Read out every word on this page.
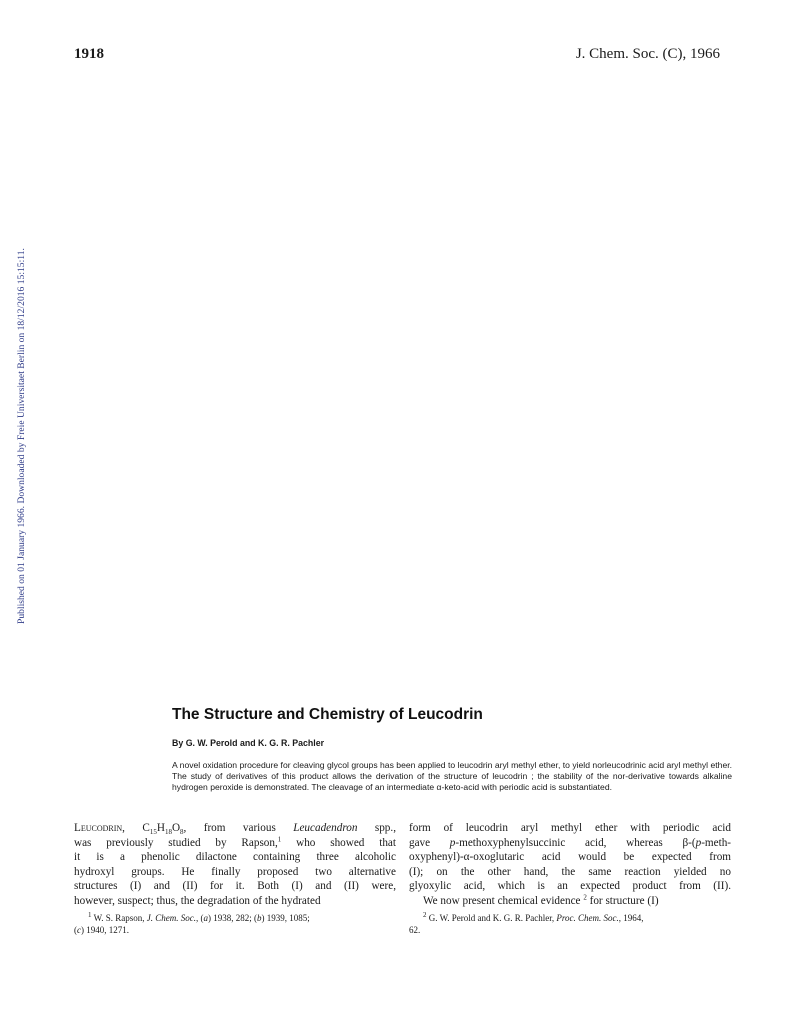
1918	J. Chem. Soc. (C), 1966
Published on 01 January 1966. Downloaded by Freie Universitaet Berlin on 18/12/2016 15:15:11.
The Structure and Chemistry of Leucodrin
By G. W. Perold and K. G. R. Pachler
A novel oxidation procedure for cleaving glycol groups has been applied to leucodrin aryl methyl ether, to yield norleucodrinic acid aryl methyl ether. The study of derivatives of this product allows the derivation of the structure of leucodrin ; the stability of the nor-derivative towards alkaline hydrogen peroxide is demonstrated. The cleavage of an intermediate α-keto-acid with periodic acid is substantiated.
Leucodrin, $C_{15}H_{18}O_8$, from various Leucadendron spp.,
was previously studied by Rapson,$^1$ who showed that
it is a phenolic dilactone containing three alcoholic
hydroxyl groups. He finally proposed two alternative
structures (I) and (II) for it. Both (I) and (II) were,
however, suspect; thus, the degradation of the hydrated
form of leucodrin aryl methyl ether with periodic acid
gave p-methoxyphenylsuccinic acid, whereas β-(p-meth-
oxyphenyl)-α-oxoglutaric acid would be expected from
(I); on the other hand, the same reaction yielded no
glyoxylic acid, which is an expected product from (II).
We now present chemical evidence $^2$ for structure (I)
$^1$ W. S. Rapson, J. Chem. Soc., (a) 1938, 282; (b) 1939, 1085;
(c) 1940, 1271.
$^2$ G. W. Perold and K. G. R. Pachler, Proc. Chem. Soc., 1964,
62.
